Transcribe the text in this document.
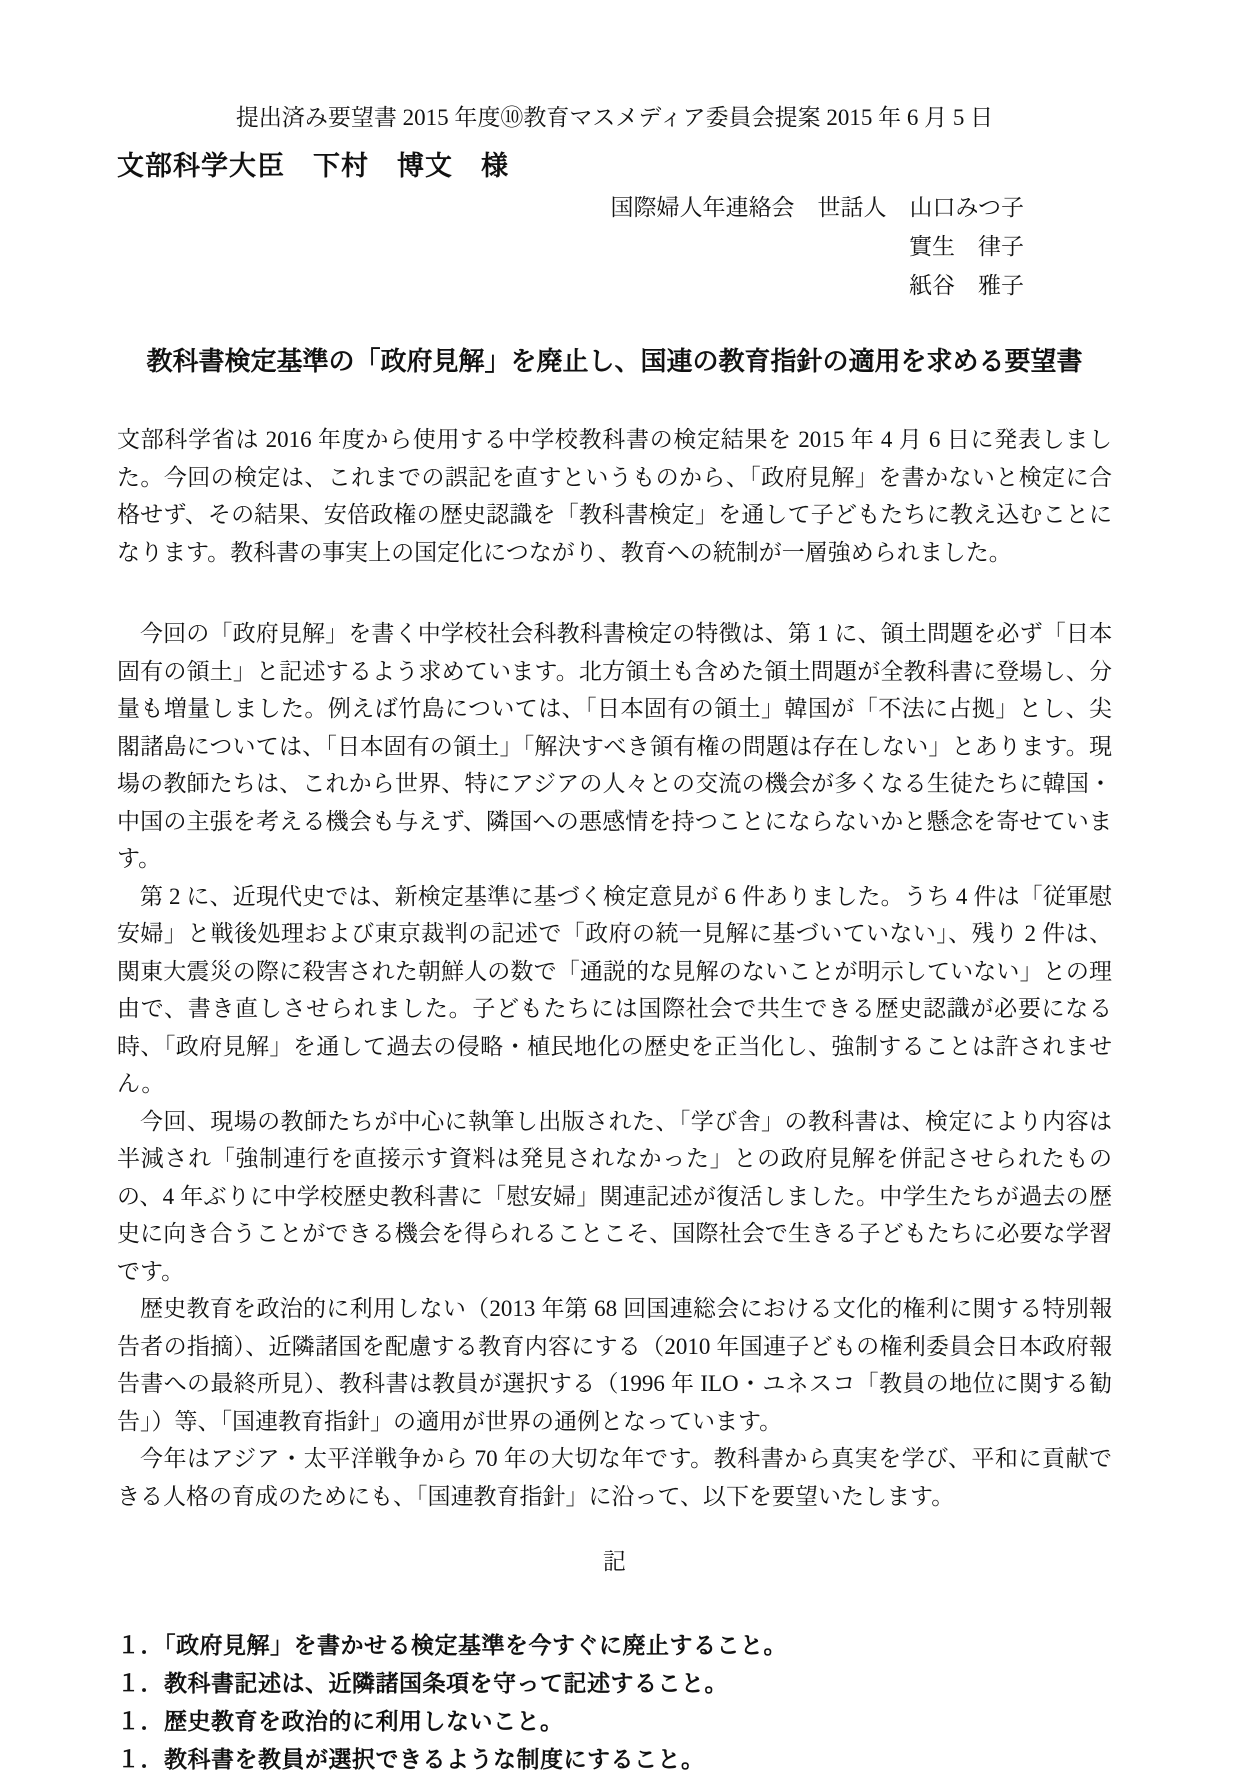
提出済み要望書 2015 年度⑩教育マスメディア委員会提案 2015 年 6 月 5 日
文部科学大臣　下村　博文　様
国際婦人年連絡会　世話人　山口みつ子
實生　律子
紙谷　雅子
教科書検定基準の「政府見解」を廃止し、国連の教育指針の適用を求める要望書

文部科学省は 2016 年度から使用する中学校教科書の検定結果を 2015 年 4 月 6 日に発表しました。今回の検定は、これまでの誤記を直すというものから、「政府見解」を書かないと検定に合格せず、その結果、安倍政権の歴史認識を「教科書検定」を通して子どもたちに教え込むことになります。教科書の事実上の国定化につながり、教育への統制が一層強められました。

今回の「政府見解」を書く中学校社会科教科書検定の特徴は、第 1 に、領土問題を必ず「日本固有の領土」と記述するよう求めています。北方領土も含めた領土問題が全教科書に登場し、分量も増量しました。例えば竹島については、「日本固有の領土」韓国が「不法に占拠」とし、尖閣諸島については、「日本固有の領土」「解決すべき領有権の問題は存在しない」とあります。現場の教師たちは、これから世界、特にアジアの人々との交流の機会が多くなる生徒たちに韓国・中国の主張を考える機会も与えず、隣国への悪感情を持つことにならないかと懸念を寄せています。

第 2 に、近現代史では、新検定基準に基づく検定意見が 6 件ありました。うち 4 件は「従軍慰安婦」と戦後処理および東京裁判の記述で「政府の統一見解に基づいていない」、残り 2 件は、関東大震災の際に殺害された朝鮮人の数で「通説的な見解のないことが明示していない」との理由で、書き直しさせられました。子どもたちには国際社会で共生できる歴史認識が必要になる時、「政府見解」を通して過去の侵略・植民地化の歴史を正当化し、強制することは許されません。

今回、現場の教師たちが中心に執筆し出版された、「学び舎」の教科書は、検定により内容は半減され「強制連行を直接示す資料は発見されなかった」との政府見解を併記させられたものの、4 年ぶりに中学校歴史教科書に「慰安婦」関連記述が復活しました。中学生たちが過去の歴史に向き合うことができる機会を得られることこそ、国際社会で生きる子どもたちに必要な学習です。

歴史教育を政治的に利用しない（2013 年第 68 回国連総会における文化的権利に関する特別報告者の指摘）、近隣諸国を配慮する教育内容にする（2010 年国連子どもの権利委員会日本政府報告書への最終所見）、教科書は教員が選択する（1996 年 ILO・ユネスコ「教員の地位に関する勧告」）等、「国連教育指針」の適用が世界の通例となっています。

今年はアジア・太平洋戦争から 70 年の大切な年です。教科書から真実を学び、平和に貢献できる人格の育成のためにも、「国連教育指針」に沿って、以下を要望いたします。

記
１．「政府見解」を書かせる検定基準を今すぐに廃止すること。
１．教科書記述は、近隣諸国条項を守って記述すること。
１．歴史教育を政治的に利用しないこと。
１．教科書を教員が選択できるような制度にすること。
